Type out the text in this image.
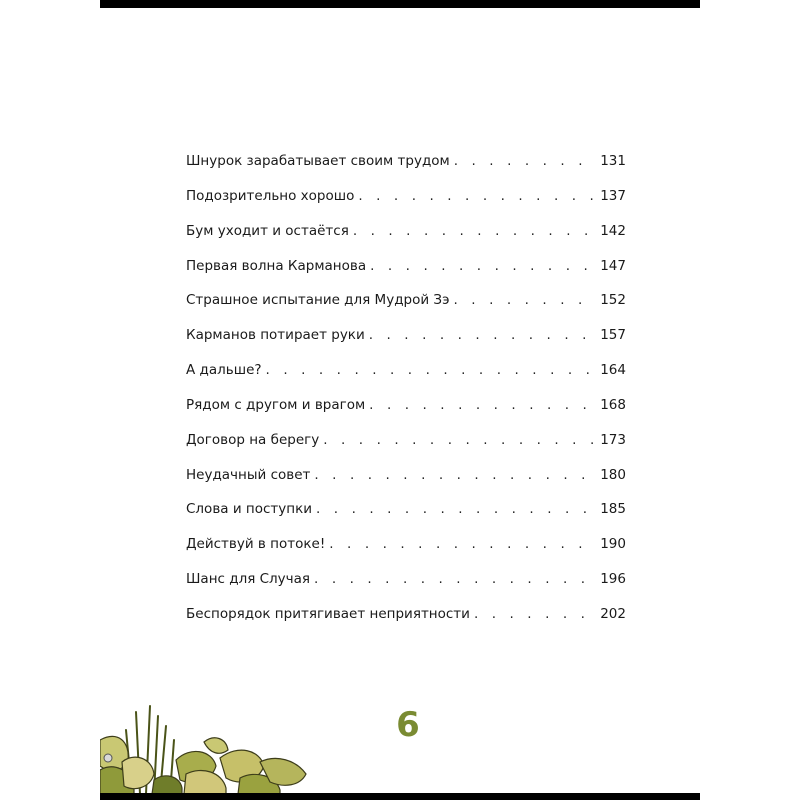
Шнурок зарабатывает своим трудом . . .	131
Подозрительно хорошо . . .	137
Бум уходит и остаётся . . .	142
Первая волна Карманова . . .	147
Страшное испытание для Мудрой Зэ . . .	152
Карманов потирает руки . . .	157
А дальше? . . .	164
Рядом с другом и врагом . . .	168
Договор на берегу . . .	173
Неудачный совет . . .	180
Слова и поступки . . .	185
Действуй в потоке! . . .	190
Шанс для Случая . . .	196
Беспорядок притягивает неприятности . . .	202
6
